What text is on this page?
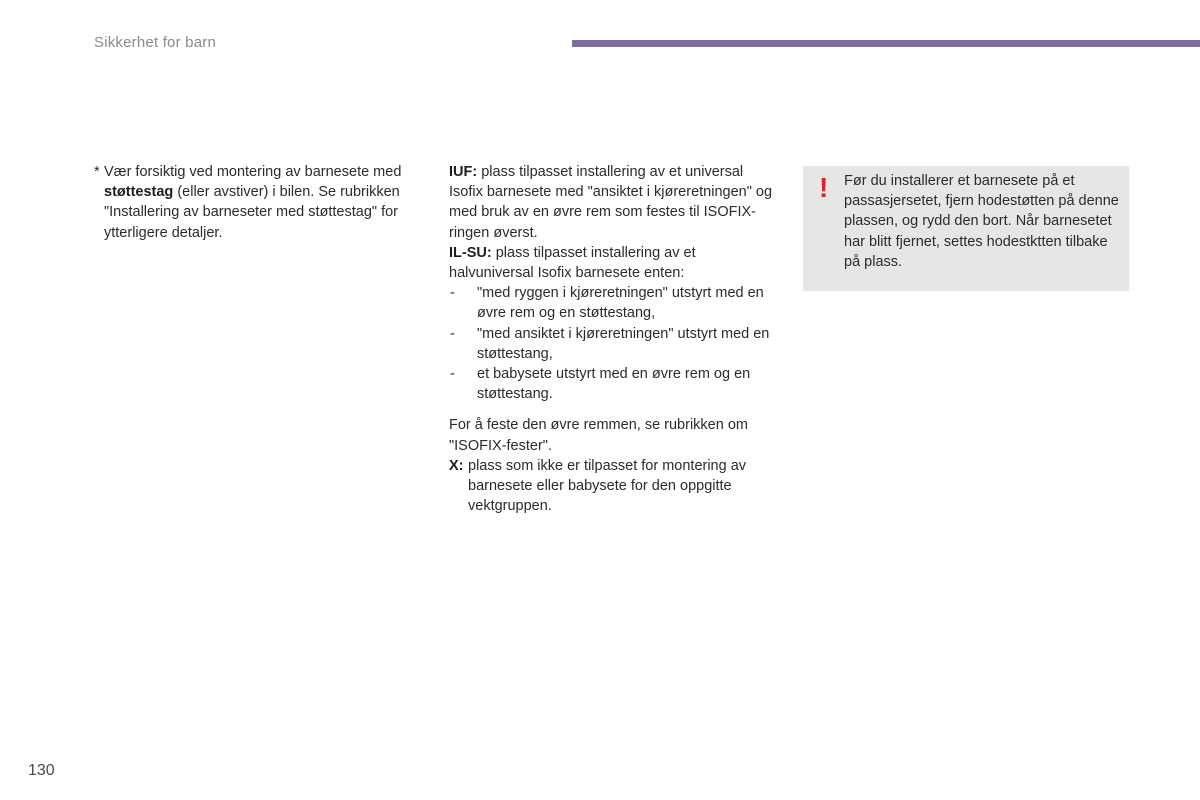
Sikkerhet for barn
* Vær forsiktig ved montering av barnesete med støttestag (eller avstiver) i bilen. Se rubrikken "Installering av barneseter med støttestag" for ytterligere detaljer.

IUF: plass tilpasset installering av et universal Isofix barnesete med "ansiktet i kjøreretningen" og med bruk av en øvre rem som festes til ISOFIX-ringen øverst.

IL-SU: plass tilpasset installering av et halvuniversal Isofix barnesete enten:

- "med ryggen i kjøreretningen" utstyrt med en øvre rem og en støttestang,
- "med ansiktet i kjøreretningen" utstyrt med en støttestang,
- et babysete utstyrt med en øvre rem og en støttestang.

For å feste den øvre remmen, se rubrikken om "ISOFIX-fester".

X: plass som ikke er tilpasset for montering av barnesete eller babysete for den oppgitte vektgruppen.
! Før du installerer et barnesete på et passasjersetet, fjern hodestøtten på denne plassen, og rydd den bort. Når barnesetet har blitt fjernet, settes hodestktten tilbake på plass.
130
